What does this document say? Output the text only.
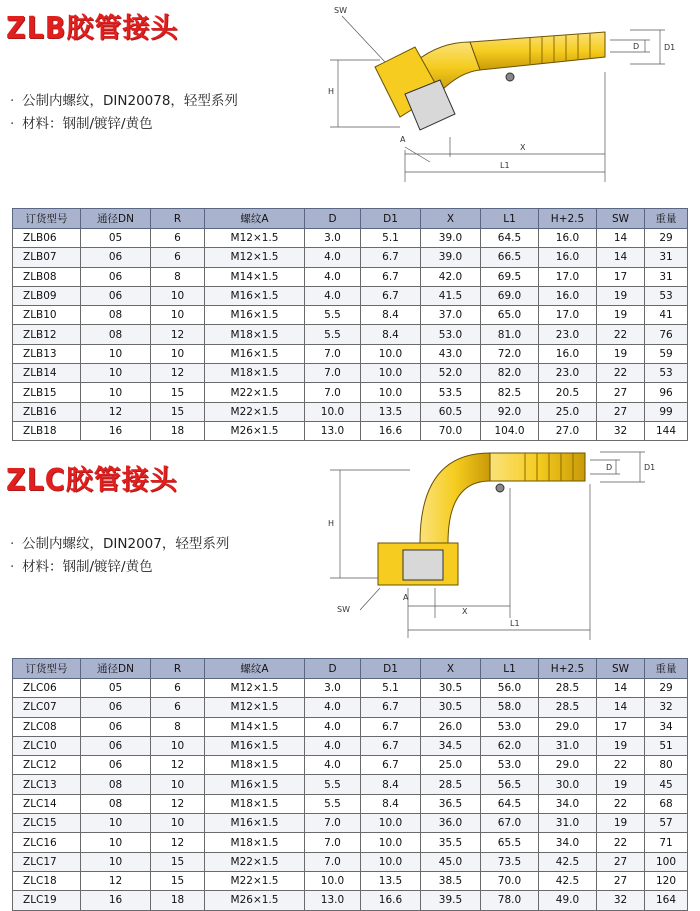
ZLB胶管接头
· 公制内螺纹，DIN20078，轻型系列
· 材料：钢制/镀锌/黄色
SW
D	D1
H
A
X
L1
订货型号	通径DN	R	螺纹A	D	D1	X	L1	H+2.5	SW	重量
ZLB06	05	6	M12×1.5	3.0	5.1	39.0	64.5	16.0	14	29
ZLB07	06	6	M12×1.5	4.0	6.7	39.0	66.5	16.0	14	31
ZLB08	06	8	M14×1.5	4.0	6.7	42.0	69.5	17.0	17	31
ZLB09	06	10	M16×1.5	4.0	6.7	41.5	69.0	16.0	19	53
ZLB10	08	10	M16×1.5	5.5	8.4	37.0	65.0	17.0	19	41
ZLB12	08	12	M18×1.5	5.5	8.4	53.0	81.0	23.0	22	76
ZLB13	10	10	M16×1.5	7.0	10.0	43.0	72.0	16.0	19	59
ZLB14	10	12	M18×1.5	7.0	10.0	52.0	82.0	23.0	22	53
ZLB15	10	15	M22×1.5	7.0	10.0	53.5	82.5	20.5	27	96
ZLB16	12	15	M22×1.5	10.0	13.5	60.5	92.0	25.0	27	99
ZLB18	16	18	M26×1.5	13.0	16.6	70.0	104.0	27.0	32	144
ZLC胶管接头
· 公制内螺纹，DIN2007，轻型系列
· 材料：钢制/镀锌/黄色
D	D1
H
SW
A
X
L1
订货型号	通径DN	R	螺纹A	D	D1	X	L1	H+2.5	SW	重量
ZLC06	05	6	M12×1.5	3.0	5.1	30.5	56.0	28.5	14	29
ZLC07	06	6	M12×1.5	4.0	6.7	30.5	58.0	28.5	14	32
ZLC08	06	8	M14×1.5	4.0	6.7	26.0	53.0	29.0	17	34
ZLC10	06	10	M16×1.5	4.0	6.7	34.5	62.0	31.0	19	51
ZLC12	06	12	M18×1.5	4.0	6.7	25.0	53.0	29.0	22	80
ZLC13	08	10	M16×1.5	5.5	8.4	28.5	56.5	30.0	19	45
ZLC14	08	12	M18×1.5	5.5	8.4	36.5	64.5	34.0	22	68
ZLC15	10	10	M16×1.5	7.0	10.0	36.0	67.0	31.0	19	57
ZLC16	10	12	M18×1.5	7.0	10.0	35.5	65.5	34.0	22	71
ZLC17	10	15	M22×1.5	7.0	10.0	45.0	73.5	42.5	27	100
ZLC18	12	15	M22×1.5	10.0	13.5	38.5	70.0	42.5	27	120
ZLC19	16	18	M26×1.5	13.0	16.6	39.5	78.0	49.0	32	164
